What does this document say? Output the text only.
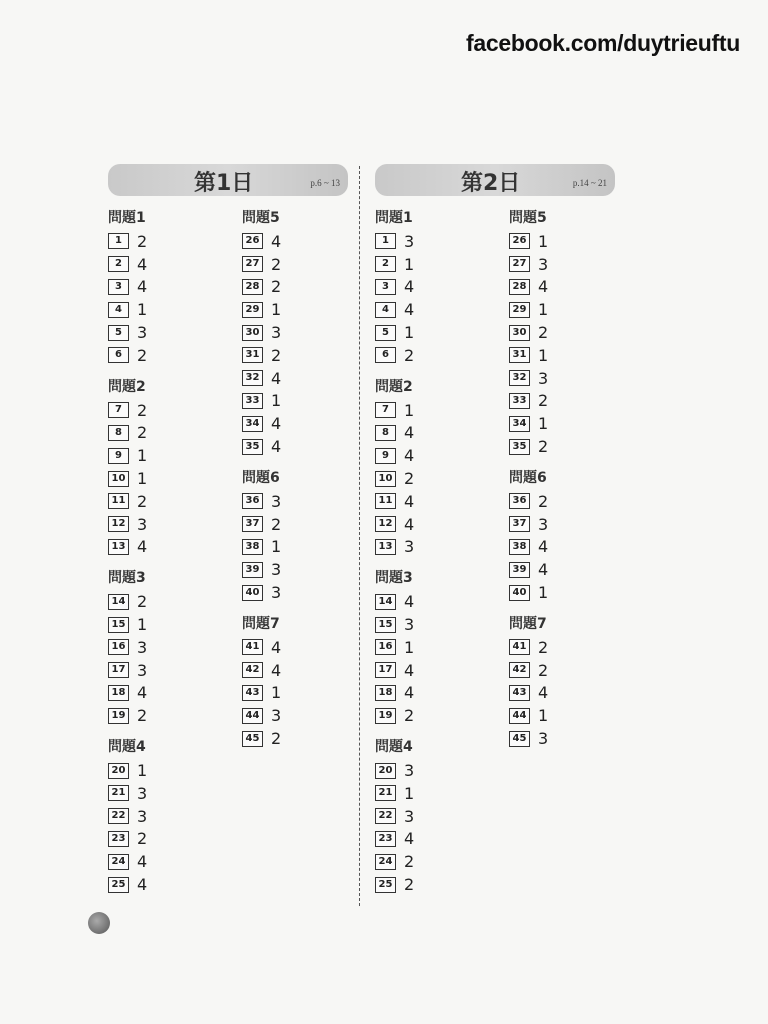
facebook.com/duytrieuftu
第1日	p.6 ~ 13
問題1
1 2
2 4
3 4
4 1
5 3
6 2
問題2
7 2
8 2
9 1
10 1
11 2
12 3
13 4
問題3
14 2
15 1
16 3
17 3
18 4
19 2
問題4
20 1
21 3
22 3
23 2
24 4
25 4
問題5
26 4
27 2
28 2
29 1
30 3
31 2
32 4
33 1
34 4
35 4
問題6
36 3
37 2
38 1
39 3
40 3
問題7
41 4
42 4
43 1
44 3
45 2
第2日	p.14 ~ 21
問題1
1 3
2 1
3 4
4 4
5 1
6 2
問題2
7 1
8 4
9 4
10 2
11 4
12 4
13 3
問題3
14 4
15 3
16 1
17 4
18 4
19 2
問題4
20 3
21 1
22 3
23 4
24 2
25 2
問題5
26 1
27 3
28 4
29 1
30 2
31 1
32 3
33 2
34 1
35 2
問題6
36 2
37 3
38 4
39 4
40 1
問題7
41 2
42 2
43 4
44 1
45 3
